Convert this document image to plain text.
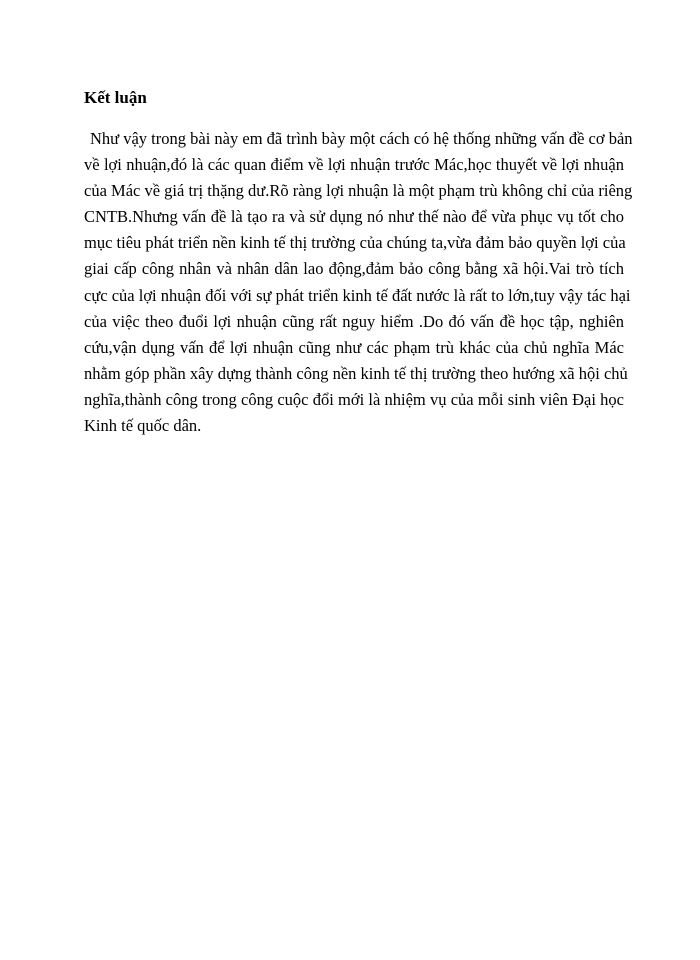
Kết luận
Như vậy trong bài này em đã trình bày một cách có hệ thống những vấn đề cơ bản
về lợi nhuận,đó là các quan điểm về lợi nhuận trước Mác,học thuyết về lợi nhuận
của Mác về giá trị thặng dư.Rõ ràng lợi nhuận là một phạm trù không chỉ của riêng
CNTB.Nhưng vấn đề là tạo ra và sử dụng nó như thế nào để vừa phục vụ tốt cho
mục tiêu phát triển nền kinh tế thị trường của chúng ta,vừa đảm bảo quyền lợi của
giai cấp công nhân và nhân dân lao động,đảm bảo công bằng xã hội.Vai trò tích
cực của lợi nhuận đối với sự phát triển kinh tế đất nước là rất to lớn,tuy vậy tác hại
của việc theo đuổi lợi nhuận cũng rất nguy hiểm .Do đó vấn đề học tập, nghiên
cứu,vận dụng vấn để lợi nhuận cũng như các phạm trù khác của chủ nghĩa Mác
nhằm góp phần xây dựng thành công nền kinh tế thị trường theo hướng xã hội chủ
nghĩa,thành công trong công cuộc đổi mới là nhiệm vụ của mỗi sinh viên Đại học
Kinh tế quốc dân.
